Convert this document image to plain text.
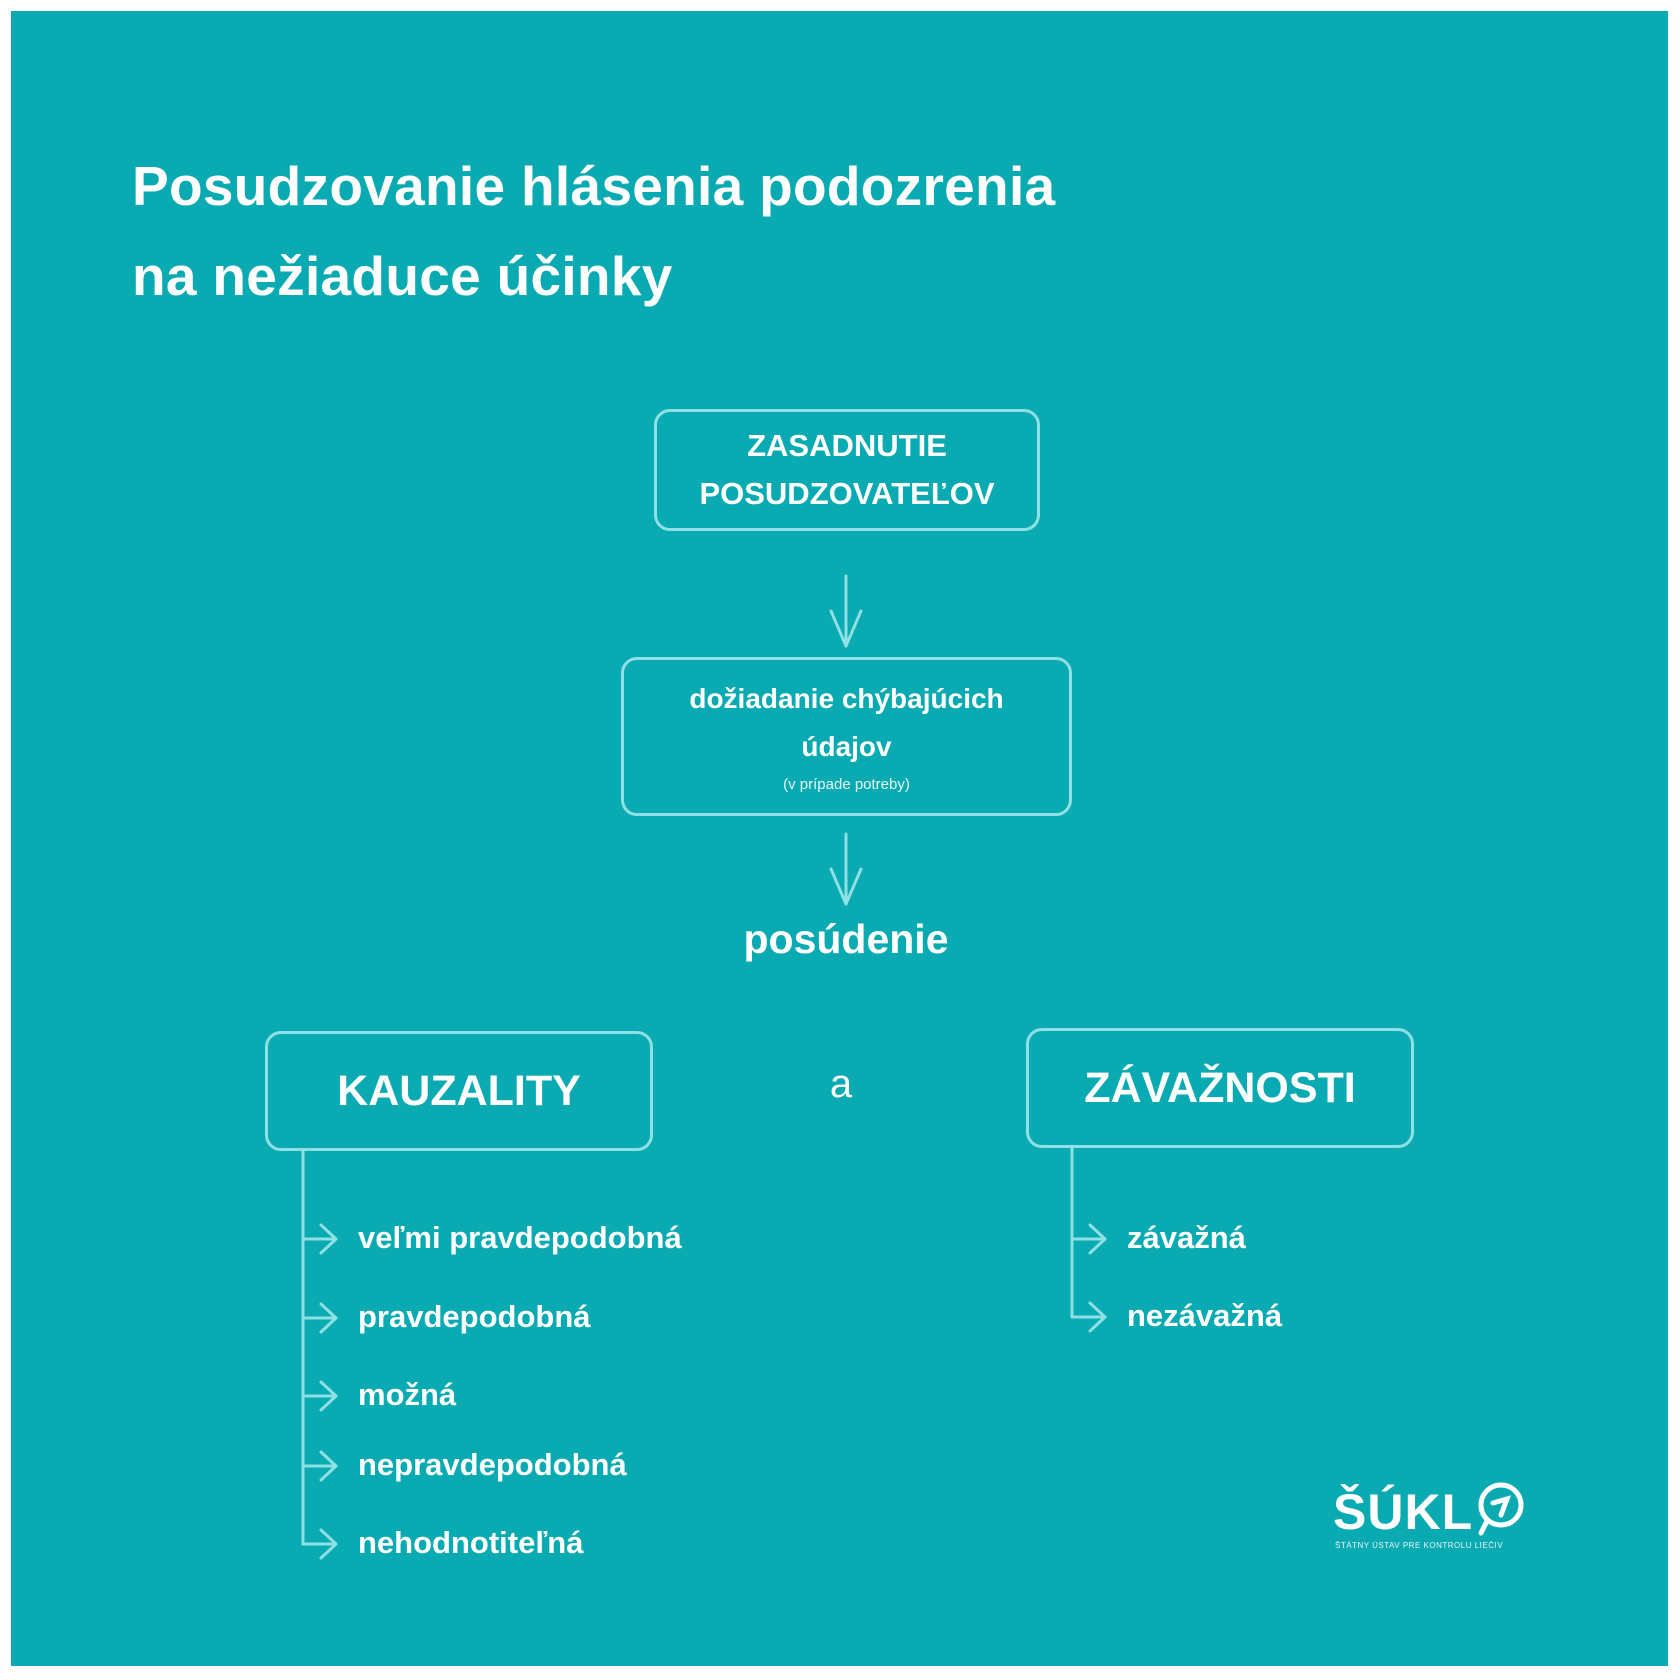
Posudzovanie hlásenia podozrenia
na nežiaduce účinky
ZASADNUTIE
POSUDZOVATEĽOV
dožiadanie chýbajúcich
údajov
(v prípade potreby)
posúdenie
KAUZALITY	a	ZÁVAŽNOSTI
veľmi pravdepodobná
pravdepodobná
možná
nepravdepodobná
nehodnotiteľná
závažná
nezávažná
ŠÚKL
ŠTÁTNY ÚSTAV PRE KONTROLU LIEČIV
